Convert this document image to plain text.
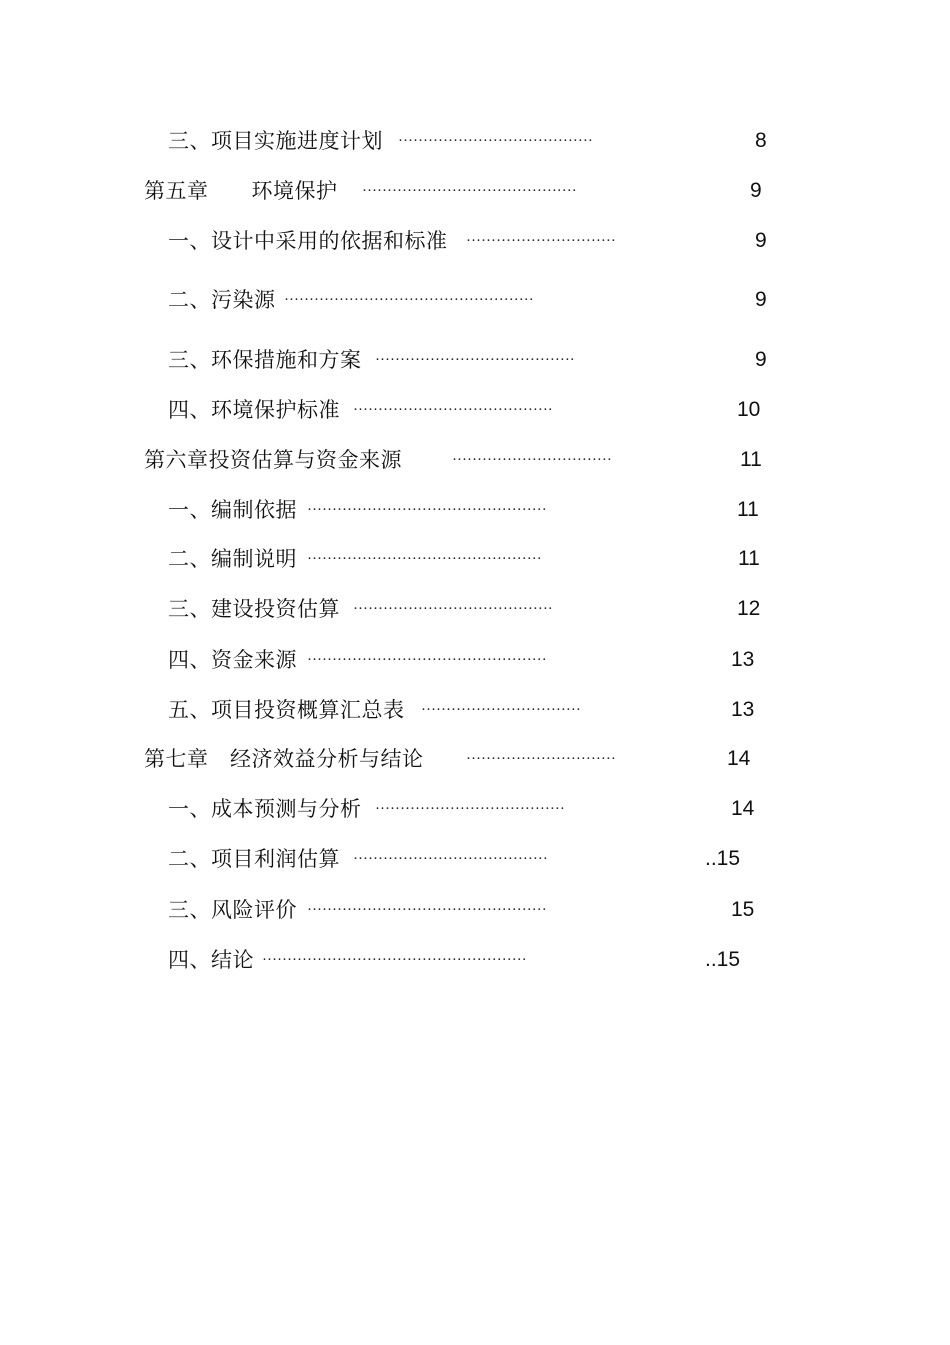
三、项目实施进度计划 ·······································	8
第五章　　环境保护 ···········································	9
一、设计中采用的依据和标准 ······························	9
二、污染源 ··················································	9
三、环保措施和方案 ········································	9
四、环境保护标准 ········································	10
第六章投资估算与资金来源	································	11
一、编制依据 ················································	11
二、编制说明 ···············································	11
三、建设投资估算 ········································	12
四、资金来源 ················································	13
五、项目投资概算汇总表 ································	13
第七章　经济效益分析与结论	······························	14
一、成本预测与分析 ······································	14
二、项目利润估算 ·······································	..15
三、风险评价 ················································	15
四、结论 ·····················································	..15
